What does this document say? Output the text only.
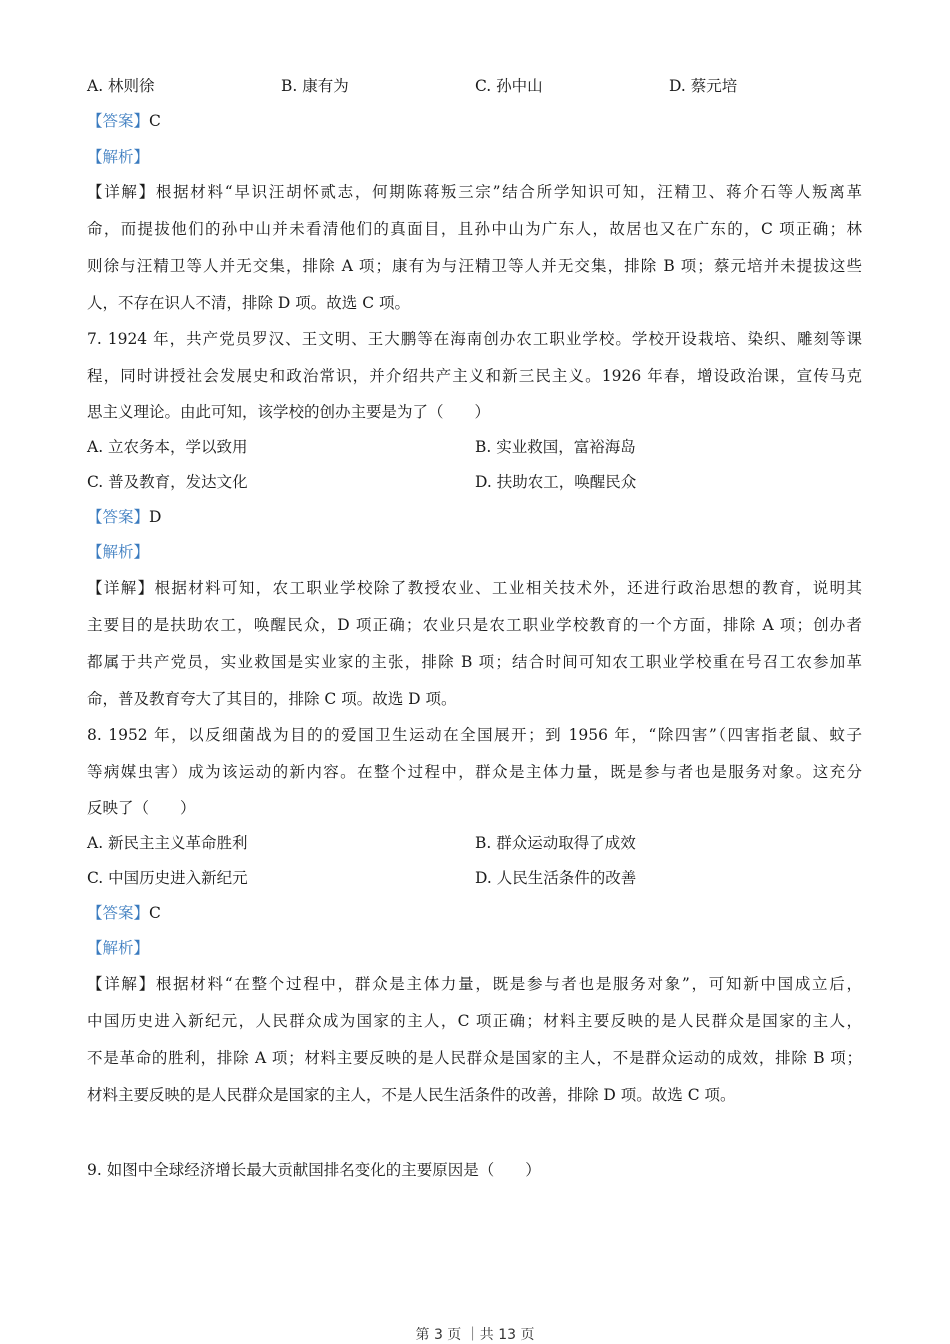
A. 林则徐	B. 康有为	C. 孙中山	D. 蔡元培
【答案】C
【解析】
【详解】根据材料“早识汪胡怀贰志，何期陈蒋叛三宗”结合所学知识可知，汪精卫、蒋介石等人叛离革
命，而提拔他们的孙中山并未看清他们的真面目，且孙中山为广东人，故居也又在广东的，C 项正确；林
则徐与汪精卫等人并无交集，排除 A 项；康有为与汪精卫等人并无交集，排除 B 项；蔡元培并未提拔这些
人，不存在识人不清，排除 D 项。故选 C 项。
7. 1924 年，共产党员罗汉、王文明、王大鹏等在海南创办农工职业学校。学校开设栽培、染织、雕刻等课
程，同时讲授社会发展史和政治常识，并介绍共产主义和新三民主义。1926 年春，增设政治课，宣传马克
思主义理论。由此可知，该学校的创办主要是为了（　　）
A. 立农务本，学以致用	B. 实业救国，富裕海岛
C. 普及教育，发达文化	D. 扶助农工，唤醒民众
【答案】D
【解析】
【详解】根据材料可知，农工职业学校除了教授农业、工业相关技术外，还进行政治思想的教育，说明其
主要目的是扶助农工，唤醒民众，D 项正确；农业只是农工职业学校教育的一个方面，排除 A 项；创办者
都属于共产党员，实业救国是实业家的主张，排除 B 项；结合时间可知农工职业学校重在号召工农参加革
命，普及教育夸大了其目的，排除 C 项。故选 D 项。
8. 1952 年，以反细菌战为目的的爱国卫生运动在全国展开；到 1956 年，“除四害”（四害指老鼠、蚊子
等病媒虫害）成为该运动的新内容。在整个过程中，群众是主体力量，既是参与者也是服务对象。这充分
反映了（　　）
A. 新民主主义革命胜利	B. 群众运动取得了成效
C. 中国历史进入新纪元	D. 人民生活条件的改善
【答案】C
【解析】
【详解】根据材料“在整个过程中，群众是主体力量，既是参与者也是服务对象”，可知新中国成立后，
中国历史进入新纪元，人民群众成为国家的主人，C 项正确；材料主要反映的是人民群众是国家的主人，
不是革命的胜利，排除 A 项；材料主要反映的是人民群众是国家的主人，不是群众运动的成效，排除 B 项；
材料主要反映的是人民群众是国家的主人，不是人民生活条件的改善，排除 D 项。故选 C 项。
9. 如图中全球经济增长最大贡献国排名变化的主要原因是（　　）
第 3 页 ｜共 13 页
